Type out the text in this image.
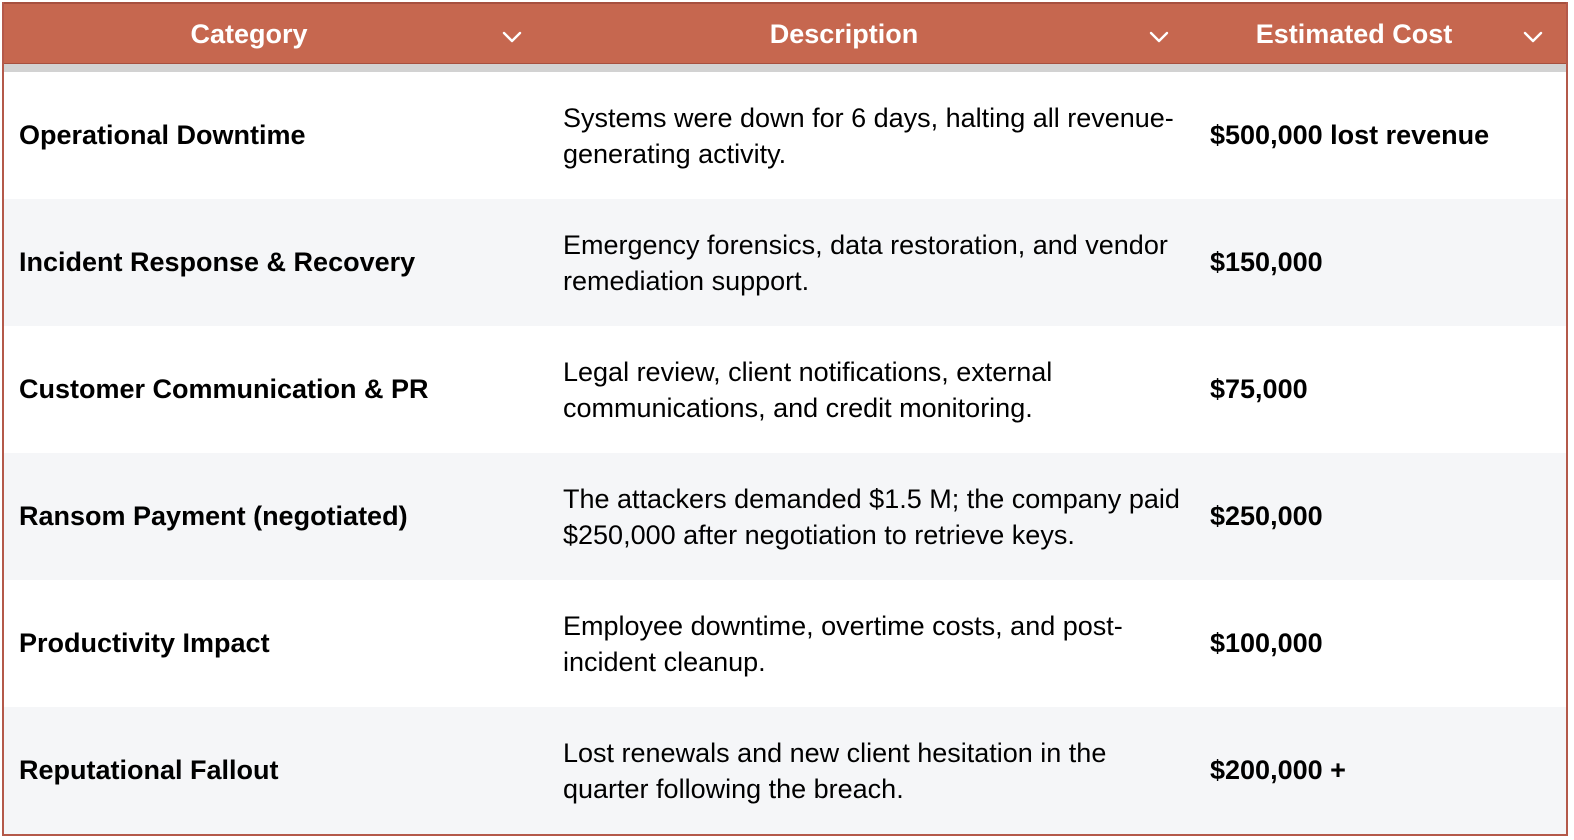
Category	Description	Estimated Cost
Operational Downtime
Systems were down for 6 days, halting all revenue-generating activity.
$500,000 lost revenue
Incident Response & Recovery
Emergency forensics, data restoration, and vendor remediation support.
$150,000
Customer Communication & PR
Legal review, client notifications, external communications, and credit monitoring.
$75,000
Ransom Payment (negotiated)
The attackers demanded $1.5 M; the company paid $250,000 after negotiation to retrieve keys.
$250,000
Productivity Impact
Employee downtime, overtime costs, and post-incident cleanup.
$100,000
Reputational Fallout
Lost renewals and new client hesitation in the quarter following the breach.
$200,000 +
